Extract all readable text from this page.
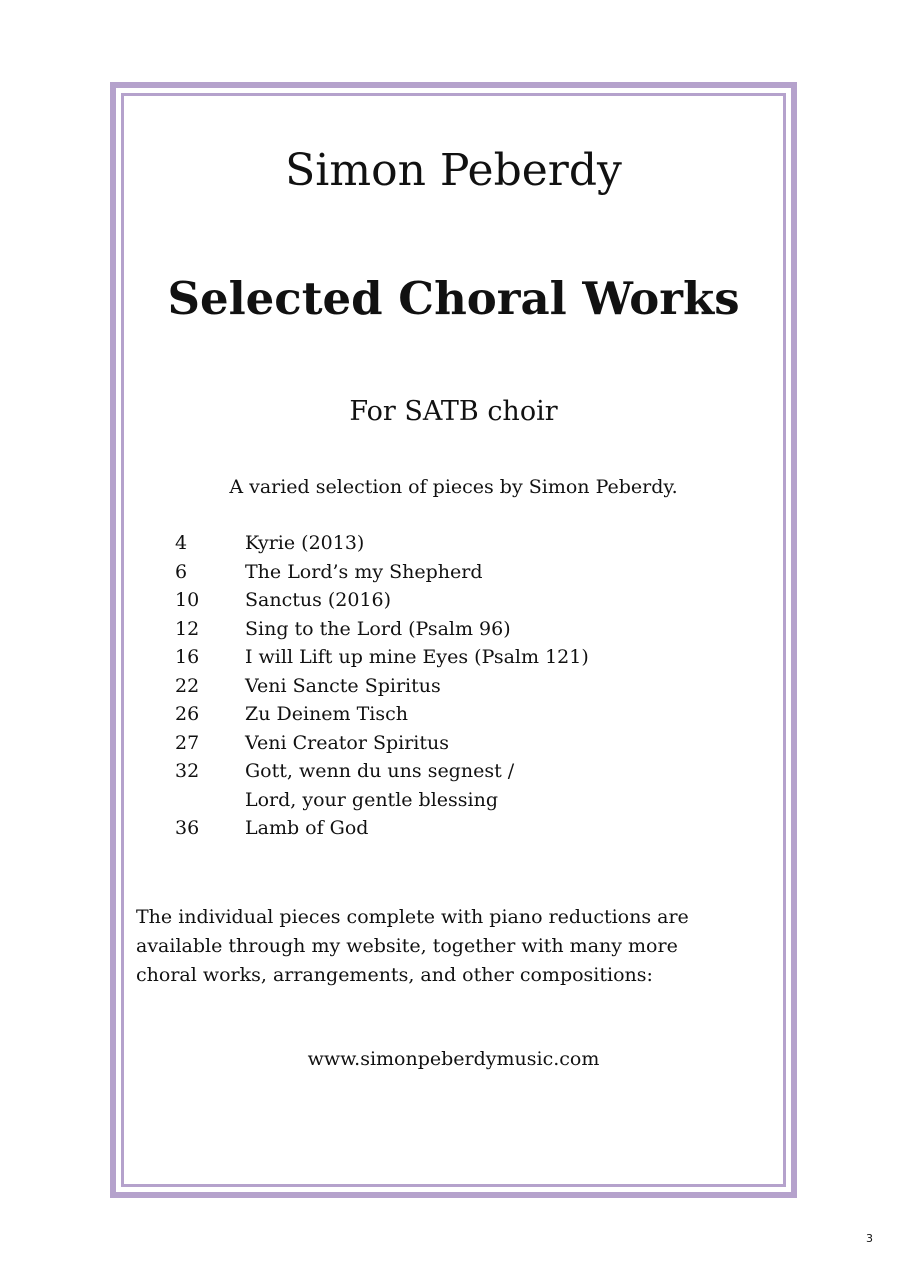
Simon Peberdy
Selected Choral Works
For SATB choir
A varied selection of pieces by Simon Peberdy.
4	Kyrie (2013)
6	The Lord’s my Shepherd
10	Sanctus (2016)
12	Sing to the Lord (Psalm 96)
16	I will Lift up mine Eyes (Psalm 121)
22	Veni Sancte Spiritus
26	Zu Deinem Tisch
27	Veni Creator Spiritus
32	Gott, wenn du uns segnest /
Lord, your gentle blessing
36	Lamb of God
The individual pieces complete with piano reductions are
available through my website, together with many more
choral works, arrangements, and other compositions:
www.simonpeberdymusic.com
3
